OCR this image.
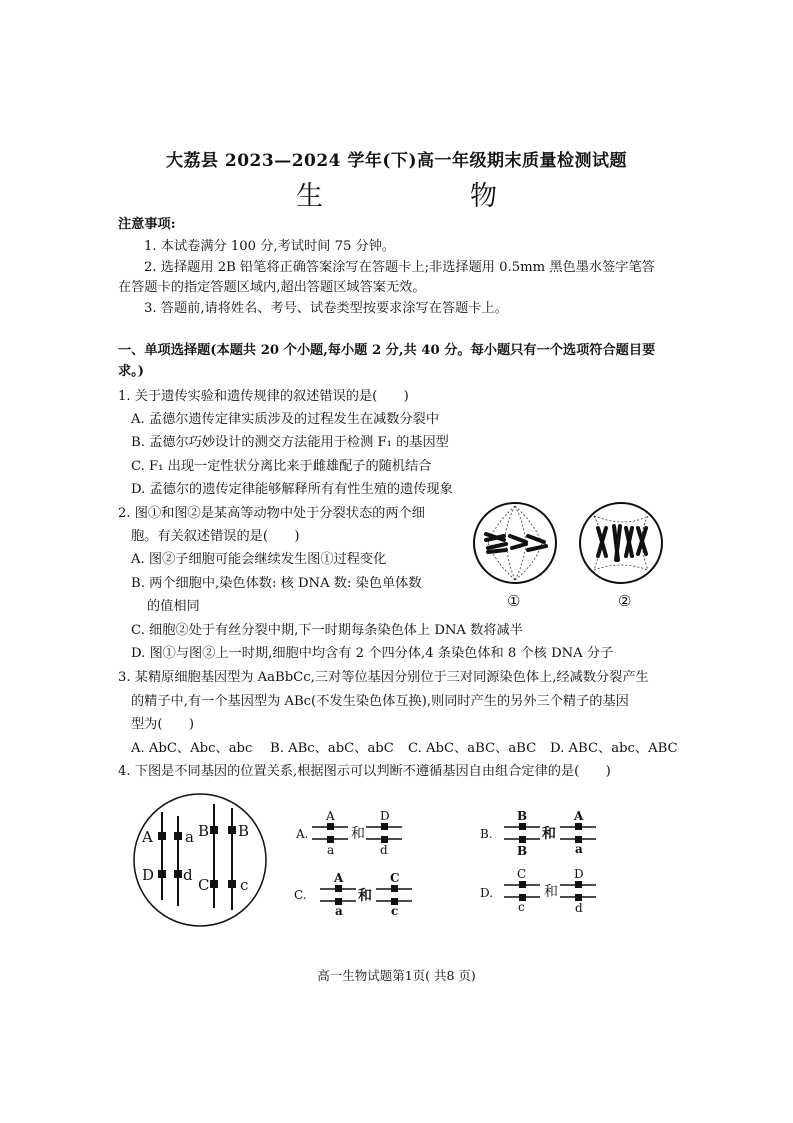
大荔县 2023—2024 学年(下)高一年级期末质量检测试题
生　物
注意事项:
1. 本试卷满分 100 分,考试时间 75 分钟。
2. 选择题用 2B 铅笔将正确答案涂写在答题卡上;非选择题用 0.5mm 黑色墨水签字笔答
在答题卡的指定答题区域内,超出答题区域答案无效。
3. 答题前,请将姓名、考号、试卷类型按要求涂写在答题卡上。
一、单项选择题(本题共 20 个小题,每小题 2 分,共 40 分。每小题只有一个选项符合题目要
求。)
1. 关于遗传实验和遗传规律的叙述错误的是(　　)
A. 孟德尔遗传定律实质涉及的过程发生在减数分裂中
B. 孟德尔巧妙设计的测交方法能用于检测 F₁ 的基因型
C. F₁ 出现一定性状分离比来于雌雄配子的随机结合
D. 孟德尔的遗传定律能够解释所有有性生殖的遗传现象
2. 图①和图②是某高等动物中处于分裂状态的两个细
胞。有关叙述错误的是(　　)
A. 图②子细胞可能会继续发生图①过程变化
B. 两个细胞中,染色体数: 核 DNA 数: 染色单体数
的值相同
C. 细胞②处于有丝分裂中期,下一时期每条染色体上 DNA 数将减半
D. 图①与图②上一时期,细胞中均含有 2 个四分体,4 条染色体和 8 个核 DNA 分子
①	②
3. 某精原细胞基因型为 AaBbCc,三对等位基因分别位于三对同源染色体上,经减数分裂产生
的精子中,有一个基因型为 ABc(不发生染色体互换),则同时产生的另外三个精子的基因
型为(　　)
A. AbC、Abc、abc B. ABc、abC、abC C. AbC、aBC、aBC D. ABC、abc、ABC
4. 下图是不同基因的位置关系,根据图示可以判断不遵循基因自由组合定律的是(　　)
A a
D d
B B
C c
A.
A
a
和
D
d
B.
B
B
和
A
a
C.
A
a
和
C
c
D.
C
c
和
D
d
高一生物试题第1页( 共8 页)
